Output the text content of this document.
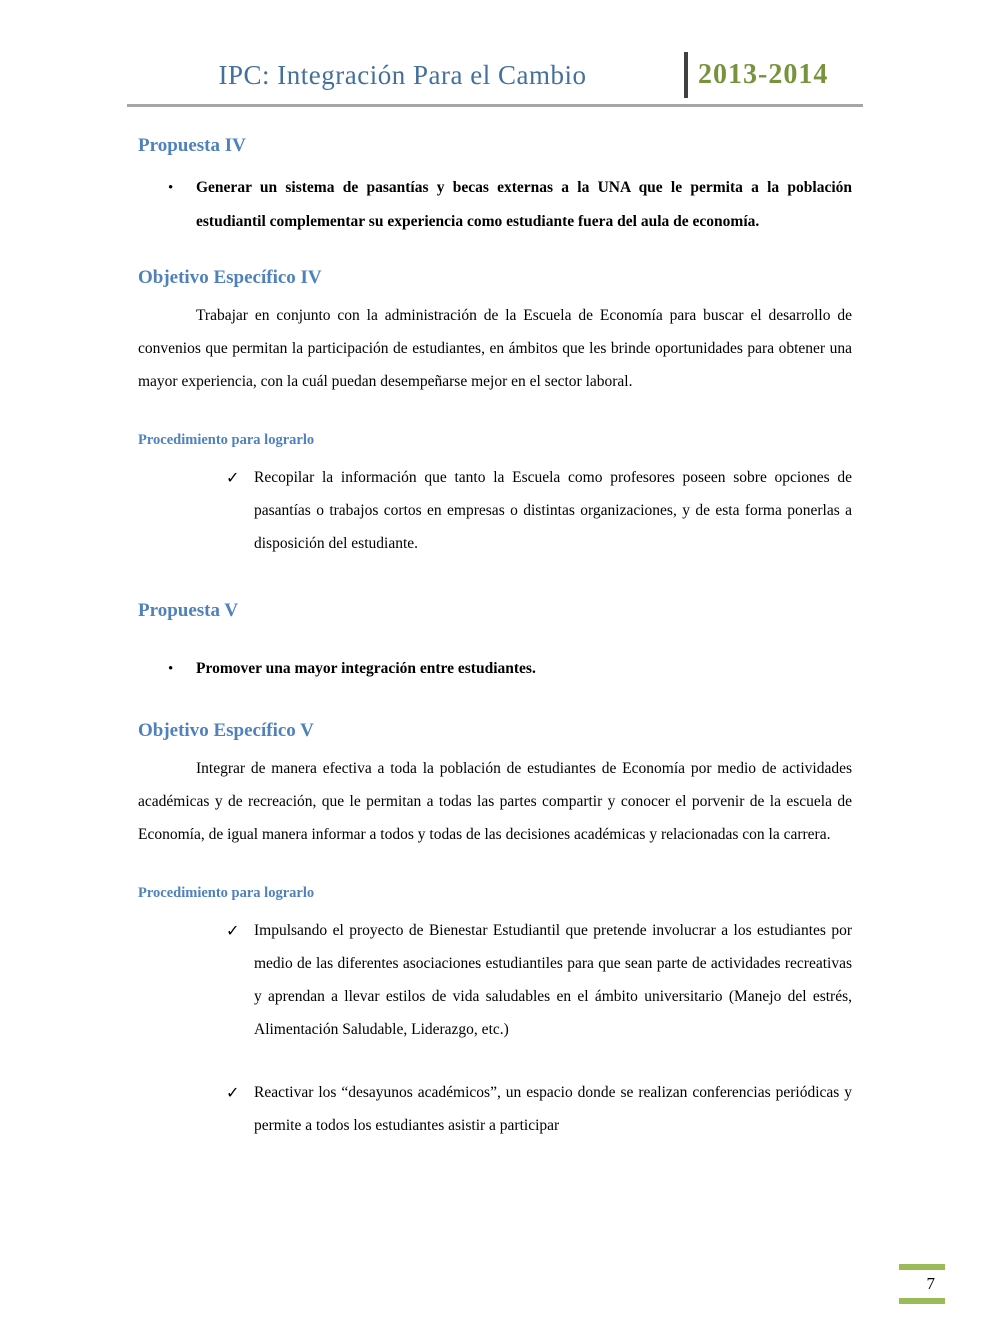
IPC: Integración Para el Cambio	2013-2014
Propuesta IV
•	Generar un sistema de pasantías y becas externas a la UNA que le permita a la población estudiantil complementar su experiencia como estudiante fuera del aula de economía.

Objetivo Específico IV

Trabajar en conjunto con la administración de la Escuela de Economía para buscar el desarrollo de convenios que permitan la participación de estudiantes, en ámbitos que les brinde oportunidades para obtener una mayor experiencia, con la cuál puedan desempeñarse mejor en el sector laboral.

Procedimiento para lograrlo
✓ Recopilar la información que tanto la Escuela como profesores poseen sobre opciones de pasantías o trabajos cortos en empresas o distintas organizaciones, y de esta forma ponerlas a disposición del estudiante.

Propuesta V
•	Promover una mayor integración entre estudiantes.

Objetivo Específico V

Integrar de manera efectiva a toda la población de estudiantes de Economía por medio de actividades académicas y de recreación, que le permitan a todas las partes compartir y conocer el porvenir de la escuela de Economía, de igual manera informar a todos y todas de las decisiones académicas y relacionadas con la carrera.

Procedimiento para lograrlo
✓ Impulsando el proyecto de Bienestar Estudiantil que pretende involucrar a los estudiantes por medio de las diferentes asociaciones estudiantiles para que sean parte de actividades recreativas y aprendan a llevar estilos de vida saludables en el ámbito universitario (Manejo del estrés, Alimentación Saludable, Liderazgo, etc.)

✓ Reactivar los “desayunos académicos”, un espacio donde se realizan conferencias periódicas y permite a todos los estudiantes asistir a participar

7
